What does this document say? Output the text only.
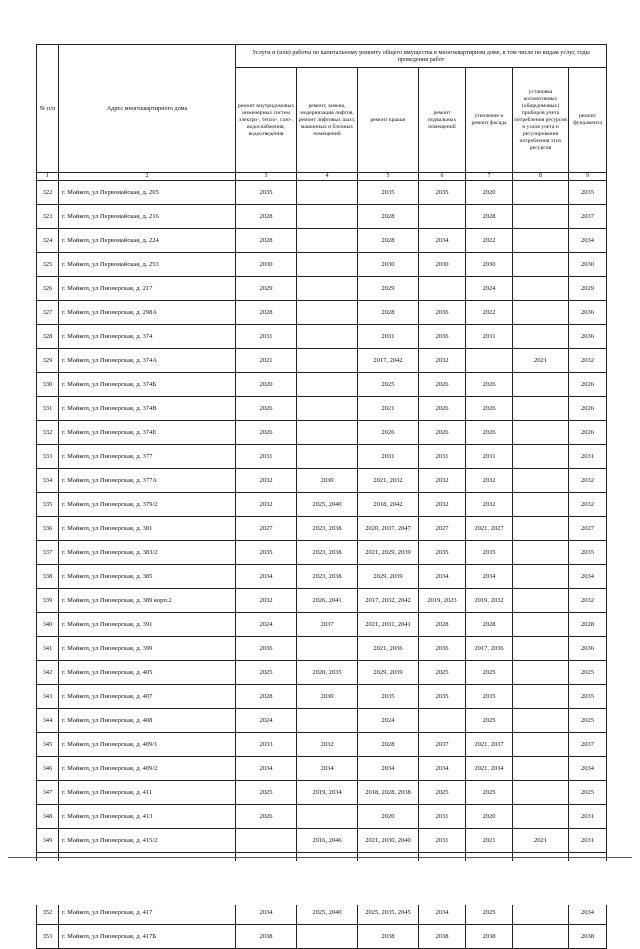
№ п/п	Адрес многоквартирного дома	Услуги и (или) работы по капитальному ремонту общего имущества в многоквартирном доме, в том числе по видам услуг, годы проведения работ						
		ремонт внутридомовых инженерных систем электро-, тепло-, газо-, водоснабжения, водоотведения	ремонт, замена, модернизация лифтов, ремонт лифтовых шахт, машинных и блочных помещений	ремонт крыши	ремонт подвальных помещений	утепление и ремонт фасада	установка коллективных (общедомовых) приборов учета потребления ресурсов и узлов учета и регулирования потребления этих ресурсов	ремонт фундамента
1	2	3	4	5	6	7	8	9
322	г. Майкоп, ул Первомайская, д. 205	2035		2035	2035	2020		2035
323	г. Майкоп, ул Первомайская, д. 216	2028		2028		2028		2037
324	г. Майкоп, ул Первомайская, д. 224	2028		2028	2034	2022		2034
325	г. Майкоп, ул Первомайская, д. 253	2030		2030	2030	2030		2030
326	г. Майкоп, ул Пионерская, д. 217	2029		2029		2024		2029
327	г. Майкоп, ул Пионерская, д. 298А	2028		2028	2036	2022		2036
328	г. Майкоп, ул Пионерская, д. 374	2031		2031	2036	2031		2036
329	г. Майкоп, ул Пионерская, д. 374А	2021		2017, 2042	2032		2021	2032
330	г. Майкоп, ул Пионерская, д. 374Б	2020		2025	2026	2026		2026
331	г. Майкоп, ул Пионерская, д. 374В	2026		2021	2026	2026		2026
332	г. Майкоп, ул Пионерская, д. 374Е	2026		2026	2026	2026		2026
333	г. Майкоп, ул Пионерская, д. 377	2031		2031	2031	2031		2031
334	г. Майкоп, ул Пионерская, д. 377А	2032	2030	2021, 2032	2032	2032		2032
335	г. Майкоп, ул Пионерская, д. 379/2	2032	2025, 2040	2018, 2042	2032	2032		2032
336	г. Майкоп, ул Пионерская, д. 381	2027	2023, 2038	2020, 2037, 2047	2027	2021, 2027		2027
337	г. Майкоп, ул Пионерская, д. 383/2	2035	2023, 2038	2021, 2029, 2039	2035	2035		2035
338	г. Майкоп, ул Пионерская, д. 385	2034	2023, 2038	2029, 2039	2034	2034		2034
339	г. Майкоп, ул Пионерская, д. 389 корп.2	2032	2026, 2041	2017, 2032, 2042	2019, 2023	2019, 2032		2032
340	г. Майкоп, ул Пионерская, д. 391	2024	2037	2021, 2031, 2041	2028	2028		2028
341	г. Майкоп, ул Пионерская, д. 399	2036		2021, 2036	2036	2017, 2036		2036
342	г. Майкоп, ул Пионерская, д. 405	2025	2020, 2035	2029, 2039	2025	2025		2025
343	г. Майкоп, ул Пионерская, д. 407	2028	2030	2035	2035	2035		2035
344	г. Майкоп, ул Пионерская, д. 408	2024		2024		2025		2025
345	г. Майкоп, ул Пионерская, д. 409/1	2033	2032	2028	2037	2021, 2037		2037
346	г. Майкоп, ул Пионерская, д. 409/2	2034	2034	2034	2034	2021, 2034		2034
347	г. Майкоп, ул Пионерская, д. 411	2025	2019, 2034	2018, 2028, 2038	2025	2025		2025
348	г. Майкоп, ул Пионерская, д. 413	2026		2020	2031	2020		2031
349	г. Майкоп, ул Пионерская, д. 415/2		2016, 2046	2021, 2030, 2040	2031	2021	2021	2031

352	г. Майкоп, ул Пионерская, д. 417	2034	2025, 2040	2025, 2035, 2045	2034	2025		2034
353	г. Майкоп, ул Пионерская, д. 417Б	2038		2038	2038	2038		2038
